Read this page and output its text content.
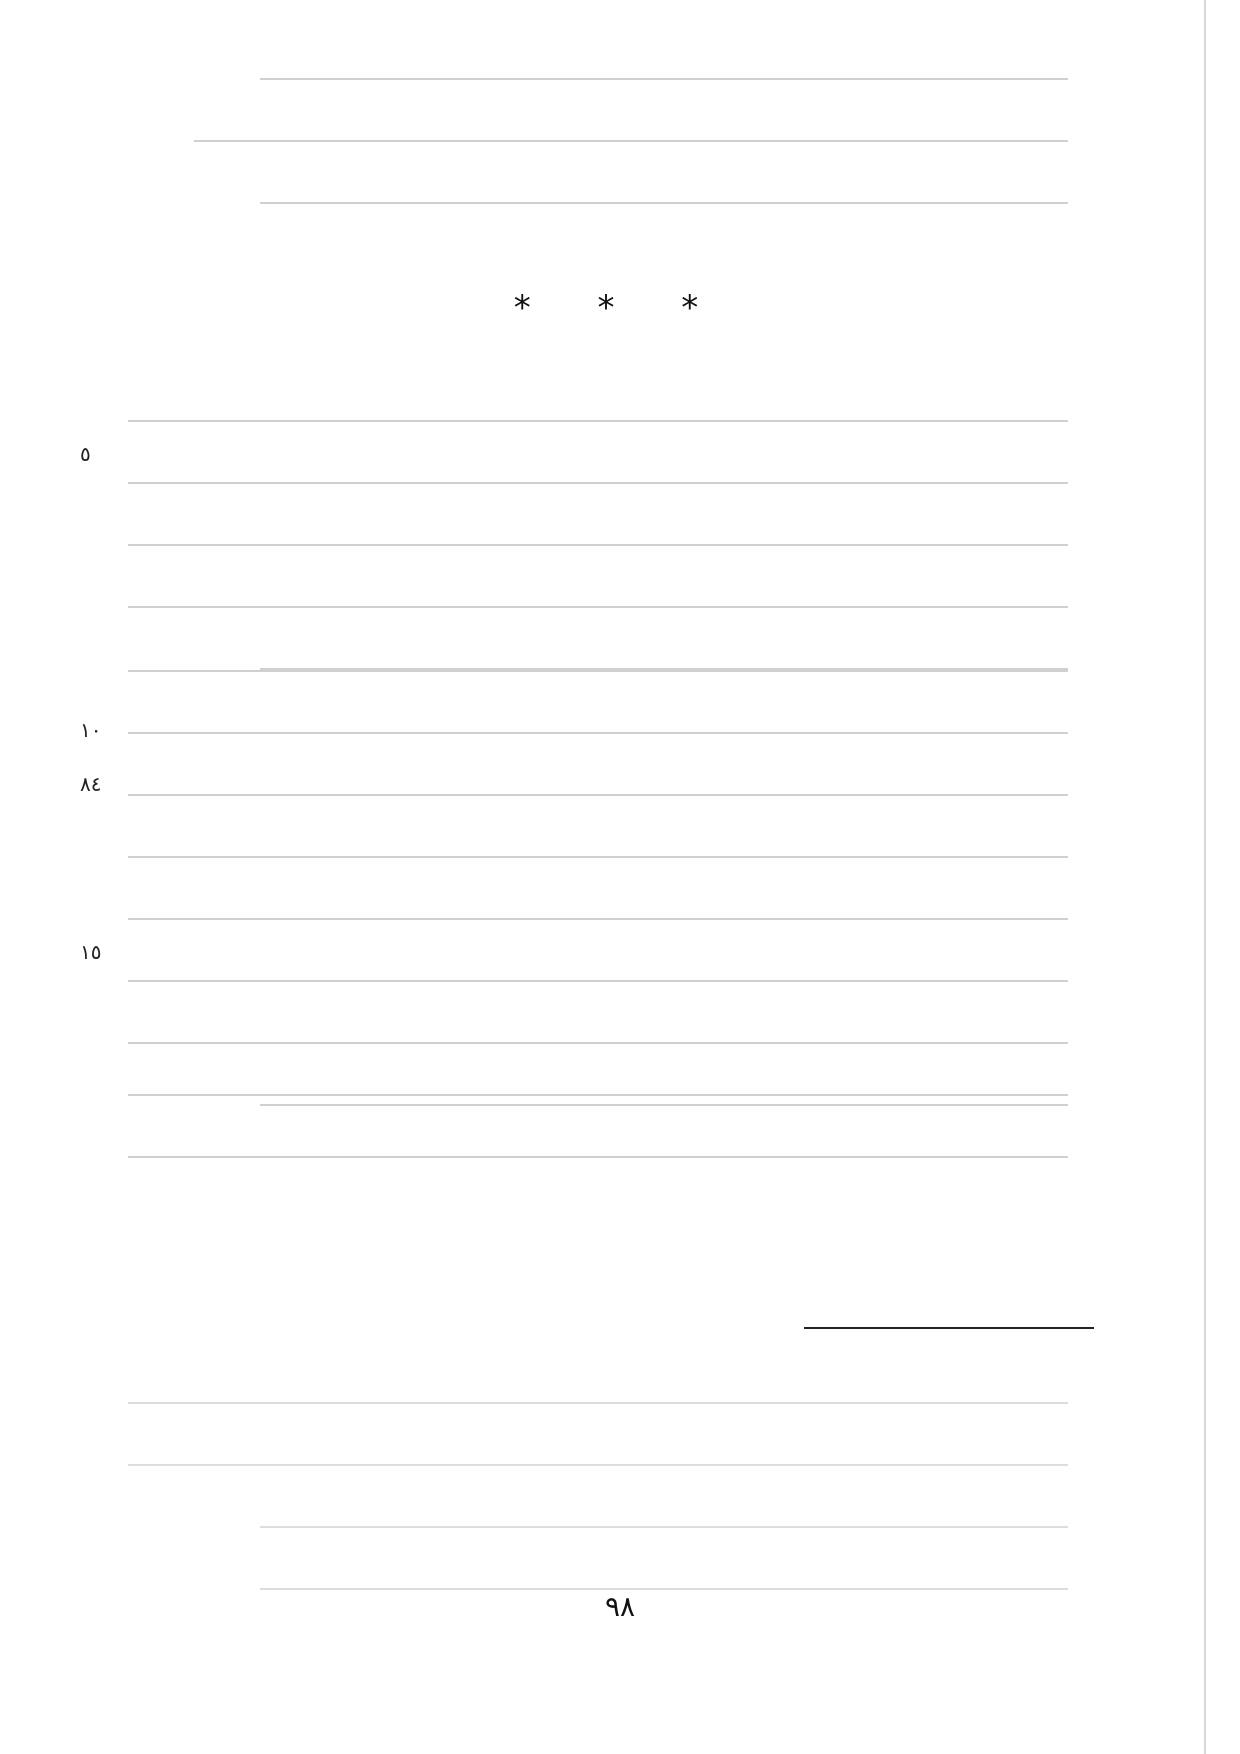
* * *
٥
١٠
٨٤
١٥
٩٨
